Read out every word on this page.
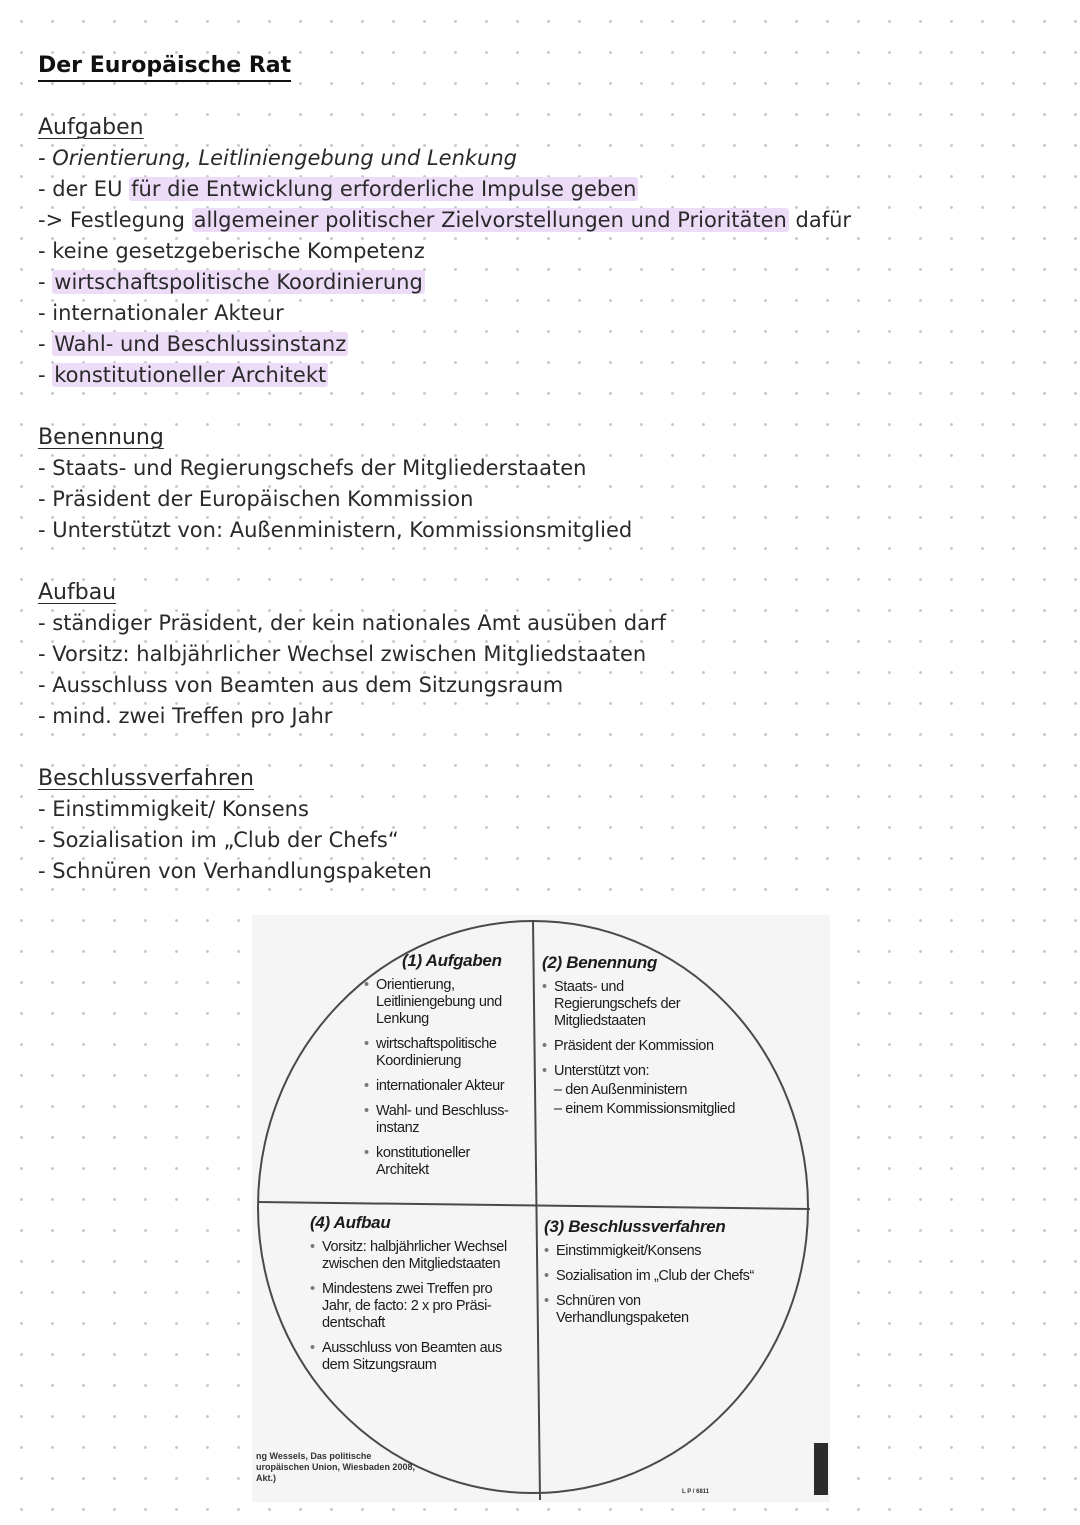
Der Europäische Rat
Aufgaben
- Orientierung, Leitliniengebung und Lenkung
- der EU für die Entwicklung erforderliche Impulse geben
-> Festlegung allgemeiner politischer Zielvorstellungen und Prioritäten dafür
- keine gesetzgeberische Kompetenz
- wirtschaftspolitische Koordinierung
- internationaler Akteur
- Wahl- und Beschlussinstanz
- konstitutioneller Architekt
Benennung
- Staats- und Regierungschefs der Mitgliederstaaten
- Präsident der Europäischen Kommission
- Unterstützt von: Außenministern, Kommissionsmitglied
Aufbau
- ständiger Präsident, der kein nationales Amt ausüben darf
- Vorsitz: halbjährlicher Wechsel zwischen Mitgliedstaaten
- Ausschluss von Beamten aus dem Sitzungsraum
- mind. zwei Treffen pro Jahr
Beschlussverfahren
- Einstimmigkeit/ Konsens
- Sozialisation im „Club der Chefs“
- Schnüren von Verhandlungspaketen
(1) Aufgaben
• Orientierung, Leitliniengebung und Lenkung
• wirtschaftspolitische Koordinierung
• internationaler Akteur
• Wahl- und Beschluss-instanz
• konstitutioneller Architekt
(2) Benennung
• Staats- und Regierungschefs der Mitgliedstaaten
• Präsident der Kommission
• Unterstützt von:
– den Außenministern
– einem Kommissionsmitglied
(4) Aufbau
• Vorsitz: halbjährlicher Wechsel zwischen den Mitgliedstaaten
• Mindestens zwei Treffen pro Jahr, de facto: 2 x pro Präsi-dentschaft
• Ausschluss von Beamten aus dem Sitzungsraum
(3) Beschlussverfahren
• Einstimmigkeit/Konsens
• Sozialisation im „Club der Chefs“
• Schnüren von Verhandlungspaketen
ng Wessels, Das politische
uropäischen Union, Wiesbaden 2008,
Akt.)
L P / 6811
